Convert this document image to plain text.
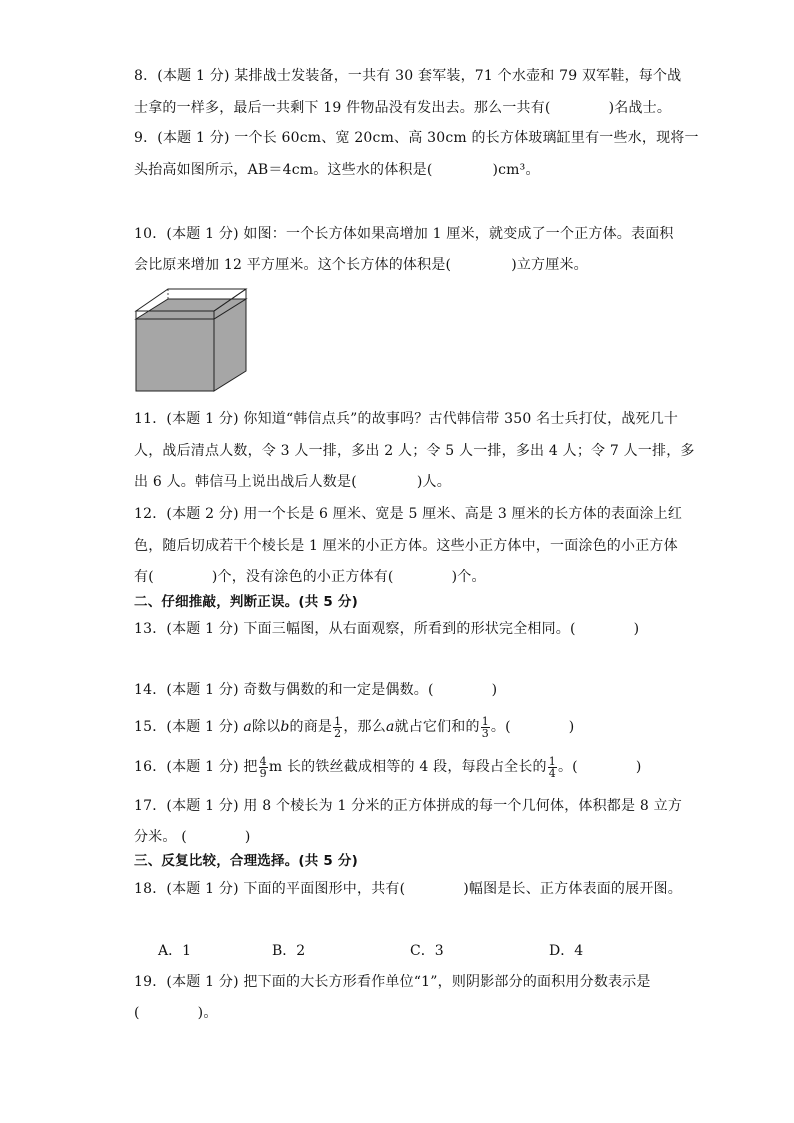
8．(本题 1 分) 某排战士发装备，一共有 30 套军装，71 个水壶和 79 双军鞋，每个战
士拿的一样多，最后一共剩下 19 件物品没有发出去。那么一共有(	)名战士。
9．(本题 1 分) 一个长 60cm、宽 20cm、高 30cm 的长方体玻璃缸里有一些水，现将一
头抬高如图所示，AB＝4cm。这些水的体积是(	)cm³。
10．(本题 1 分) 如图：一个长方体如果高增加 1 厘米，就变成了一个正方体。表面积
会比原来增加 12 平方厘米。这个长方体的体积是(	)立方厘米。
11．(本题 1 分) 你知道“韩信点兵”的故事吗？古代韩信带 350 名士兵打仗，战死几十
人，战后清点人数，令 3 人一排，多出 2 人；令 5 人一排，多出 4 人；令 7 人一排，多
出 6 人。韩信马上说出战后人数是(	)人。
12．(本题 2 分) 用一个长是 6 厘米、宽是 5 厘米、高是 3 厘米的长方体的表面涂上红
色，随后切成若干个棱长是 1 厘米的小正方体。这些小正方体中，一面涂色的小正方体
有(	)个，没有涂色的小正方体有(	)个。
二、仔细推敲，判断正误。(共 5 分)
13．(本题 1 分) 下面三幅图，从右面观察，所看到的形状完全相同。(	)
14．(本题 1 分) 奇数与偶数的和一定是偶数。(	)
15．(本题 1 分) a除以b的商是 $\frac{1}{2}$ ，那么a就占它们和的 $\frac{1}{3}$ 。(	)
16．(本题 1 分) 把 $\frac{4}{9}$ m 长的铁丝截成相等的 4 段，每段占全长的 $\frac{1}{4}$ 。(	)
17．(本题 1 分) 用 8 个棱长为 1 分米的正方体拼成的每一个几何体，体积都是 8 立方
分米。 (	)
三、反复比较，合理选择。(共 5 分)
18．(本题 1 分) 下面的平面图形中，共有(	)幅图是长、正方体表面的展开图。
A．1	B．2	C．3	D．4
19．(本题 1 分) 把下面的大长方形看作单位“1”，则阴影部分的面积用分数表示是
(	)。
